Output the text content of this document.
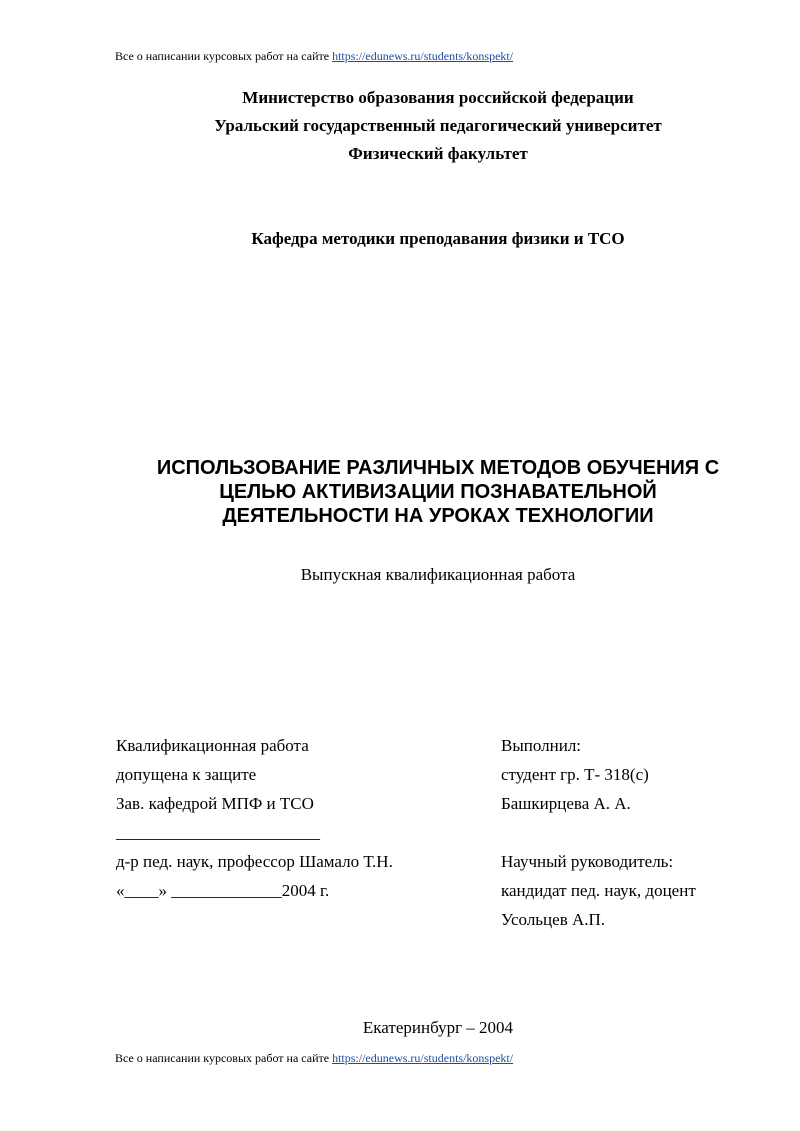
Все о написании курсовых работ на сайте https://edunews.ru/students/konspekt/
Министерство образования российской федерации
Уральский государственный педагогический университет
Физический факультет
Кафедра методики преподавания физики и ТСО
ИСПОЛЬЗОВАНИЕ РАЗЛИЧНЫХ МЕТОДОВ ОБУЧЕНИЯ С
ЦЕЛЬЮ АКТИВИЗАЦИИ ПОЗНАВАТЕЛЬНОЙ
ДЕЯТЕЛЬНОСТИ НА УРОКАХ ТЕХНОЛОГИИ
Выпускная квалификационная работа
Квалификационная работа
допущена к защите
Зав. кафедрой МПФ и ТСО
________________________
д-р пед. наук, профессор Шамало Т.Н.
«____» _____________2004 г.
Выполнил:
студент гр. Т- 318(с)
Башкирцева А. А.
Научный руководитель:
кандидат пед. наук, доцент
Усольцев А.П.
Екатеринбург – 2004
Все о написании курсовых работ на сайте https://edunews.ru/students/konspekt/
